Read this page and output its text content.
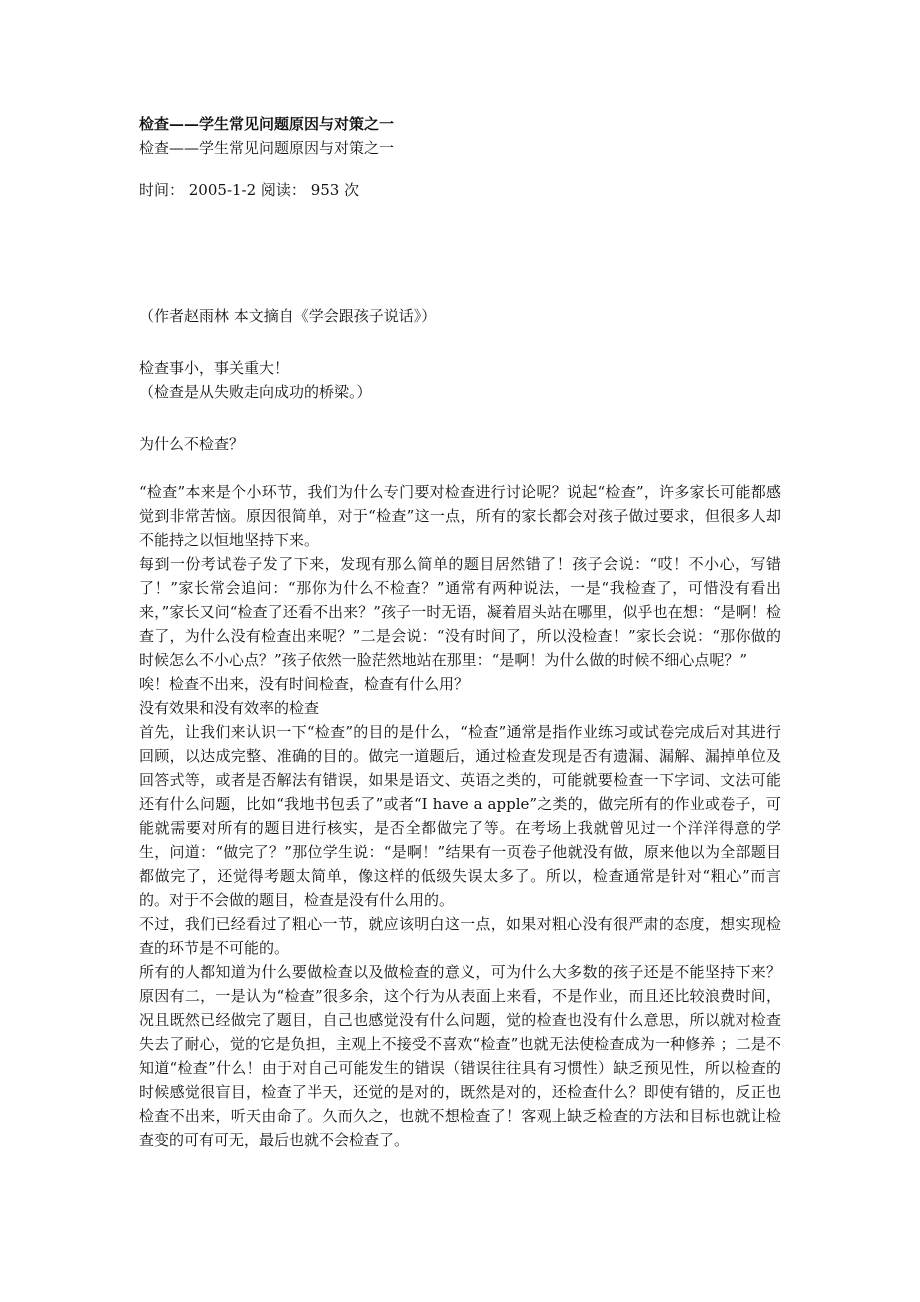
检查——学生常见问题原因与对策之一
检查——学生常见问题原因与对策之一
时间： 2005-1-2 阅读： 953 次
（作者赵雨林 本文摘自《学会跟孩子说话》）
检查事小，事关重大！
（检查是从失败走向成功的桥梁。）
为什么不检查？
“检查”本来是个小环节，我们为什么专门要对检查进行讨论呢？说起“检查”，许多家长可能都感觉到非常苦恼。原因很简单，对于“检查”这一点，所有的家长都会对孩子做过要求，但很多人却不能持之以恒地坚持下来。
每到一份考试卷子发了下来，发现有那么简单的题目居然错了！孩子会说：“哎！不小心，写错了！”家长常会追问：“那你为什么不检查？”通常有两种说法，一是“我检查了，可惜没有看出来，”家长又问“检查了还看不出来？”孩子一时无语，凝着眉头站在哪里，似乎也在想：“是啊！检查了，为什么没有检查出来呢？”二是会说：“没有时间了，所以没检查！”家长会说：“那你做的时候怎么不小心点？”孩子依然一脸茫然地站在那里：“是啊！为什么做的时候不细心点呢？”
唉！检查不出来，没有时间检查，检查有什么用？
没有效果和没有效率的检查
首先，让我们来认识一下“检查”的目的是什么，“检查”通常是指作业练习或试卷完成后对其进行回顾，以达成完整、准确的目的。做完一道题后，通过检查发现是否有遗漏、漏解、漏掉单位及回答式等，或者是否解法有错误，如果是语文、英语之类的，可能就要检查一下字词、文法可能还有什么问题，比如“我地书包丢了”或者“I have a apple”之类的，做完所有的作业或卷子，可能就需要对所有的题目进行核实，是否全都做完了等。在考场上我就曾见过一个洋洋得意的学生，问道：“做完了？”那位学生说：“是啊！”结果有一页卷子他就没有做，原来他以为全部题目都做完了，还觉得考题太简单，像这样的低级失误太多了。所以，检查通常是针对“粗心”而言的。对于不会做的题目，检查是没有什么用的。
不过，我们已经看过了粗心一节，就应该明白这一点，如果对粗心没有很严肃的态度，想实现检查的环节是不可能的。
所有的人都知道为什么要做检查以及做检查的意义，可为什么大多数的孩子还是不能坚持下来？原因有二，一是认为“检查”很多余，这个行为从表面上来看，不是作业，而且还比较浪费时间，况且既然已经做完了题目，自己也感觉没有什么问题，觉的检查也没有什么意思，所以就对检查失去了耐心，觉的它是负担，主观上不接受不喜欢“检查”也就无法使检查成为一种修养 ；二是不知道“检查”什么！由于对自己可能发生的错误（错误往往具有习惯性）缺乏预见性，所以检查的时候感觉很盲目，检查了半天，还觉的是对的，既然是对的，还检查什么？即使有错的，反正也检查不出来，听天由命了。久而久之，也就不想检查了！客观上缺乏检查的方法和目标也就让检查变的可有可无，最后也就不会检查了。
